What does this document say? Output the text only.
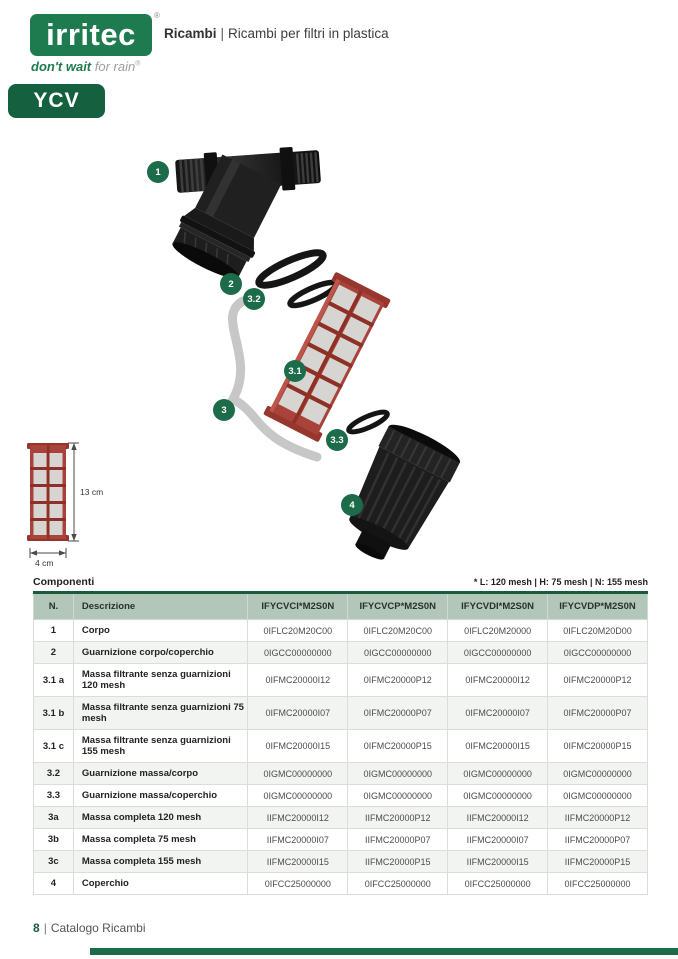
irritec
®
don't wait for rain®
Ricambi | Ricambi per filtri in plastica
YCV
13 cm
4 cm
1
2
3.2
3.1
3
3.3
4
Componenti	* L: 120 mesh | H: 75 mesh | N: 155 mesh
N.	Descrizione	IFYCVCI*M2S0N	IFYCVCP*M2S0N	IFYCVDI*M2S0N	IFYCVDP*M2S0N
1	Corpo	0IFLC20M20C00	0IFLC20M20C00	0IFLC20M20000	0IFLC20M20D00
2	Guarnizione corpo/coperchio	0IGCC00000000	0IGCC00000000	0IGCC00000000	0IGCC00000000
3.1 a	Massa filtrante senza guarnizioni 120 mesh	0IFMC20000I12	0IFMC20000P12	0IFMC20000I12	0IFMC20000P12
3.1 b	Massa filtrante senza guarnizioni 75 mesh	0IFMC20000I07	0IFMC20000P07	0IFMC20000I07	0IFMC20000P07
3.1 c	Massa filtrante senza guarnizioni 155 mesh	0IFMC20000I15	0IFMC20000P15	0IFMC20000I15	0IFMC20000P15
3.2	Guarnizione massa/corpo	0IGMC00000000	0IGMC00000000	0IGMC00000000	0IGMC00000000
3.3	Guarnizione massa/coperchio	0IGMC00000000	0IGMC00000000	0IGMC00000000	0IGMC00000000
3a	Massa completa 120 mesh	IIFMC20000I12	IIFMC20000P12	IIFMC20000I12	IIFMC20000P12
3b	Massa completa 75 mesh	IIFMC20000I07	IIFMC20000P07	IIFMC20000I07	IIFMC20000P07
3c	Massa completa 155 mesh	IIFMC20000I15	IIFMC20000P15	IIFMC20000I15	IIFMC20000P15
4	Coperchio	0IFCC25000000	0IFCC25000000	0IFCC25000000	0IFCC25000000
8 | Catalogo Ricambi
